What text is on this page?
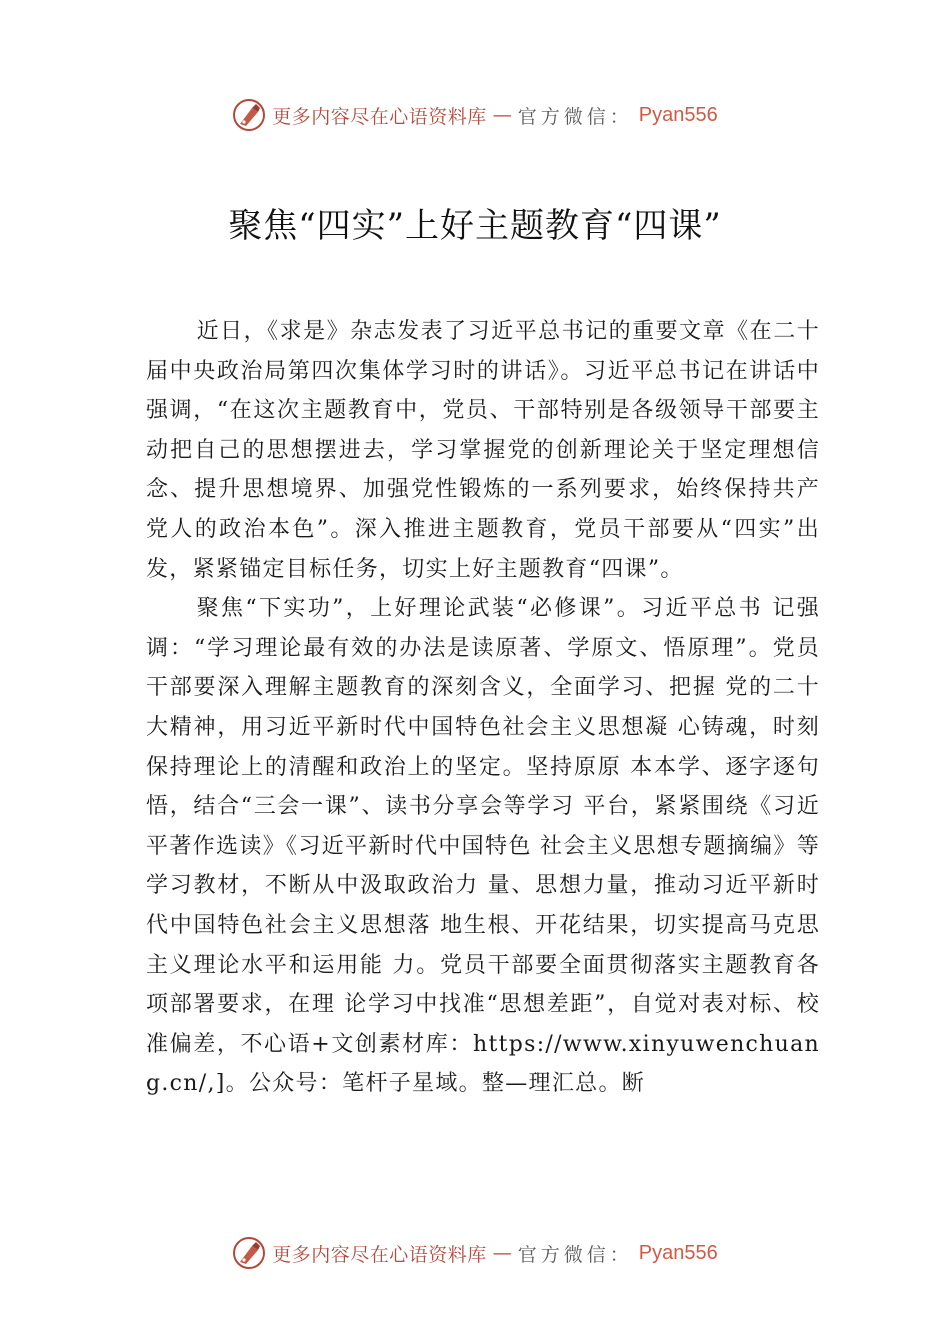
更多内容尽在心语资料库 — 官方微信： Pyan556
聚焦“四实”上好主题教育“四课”

近日，《求是》杂志发表了习近平总书记的重要文章《在二十届中央政治局第四次集体学习时的讲话》。习近平总书记在讲话中强调，“在这次主题教育中，党员、干部特别是各级领导干部要主动把自己的思想摆进去，学习掌握党的创新理论关于坚定理想信念、提升思想境界、加强党性锻炼的一系列要求，始终保持共产党人的政治本色”。深入推进主题教育，党员干部要从“四实”出发，紧紧锚定目标任务，切实上好主题教育“四课”。

聚焦“下实功”，上好理论武装“必修课”。习近平总书 记强调：“学习理论最有效的办法是读原著、学原文、悟原理”。党员干部要深入理解主题教育的深刻含义，全面学习、把握 党的二十大精神，用习近平新时代中国特色社会主义思想凝 心铸魂，时刻保持理论上的清醒和政治上的坚定。坚持原原 本本学、逐字逐句悟，结合“三会一课”、读书分享会等学习 平台，紧紧围绕《习近平著作选读》《习近平新时代中国特色 社会主义思想专题摘编》等学习教材，不断从中汲取政治力 量、思想力量，推动习近平新时代中国特色社会主义思想落 地生根、开花结果，切实提高马克思主义理论水平和运用能 力。党员干部要全面贯彻落实主题教育各项部署要求，在理 论学习中找准“思想差距”，自觉对表对标、校准偏差，不心语+文创素材库：https://www.xinyuwenchuang.cn/,]。公众号：笔杆子星域。整—理汇总。断

更多内容尽在心语资料库 — 官方微信： Pyan556
